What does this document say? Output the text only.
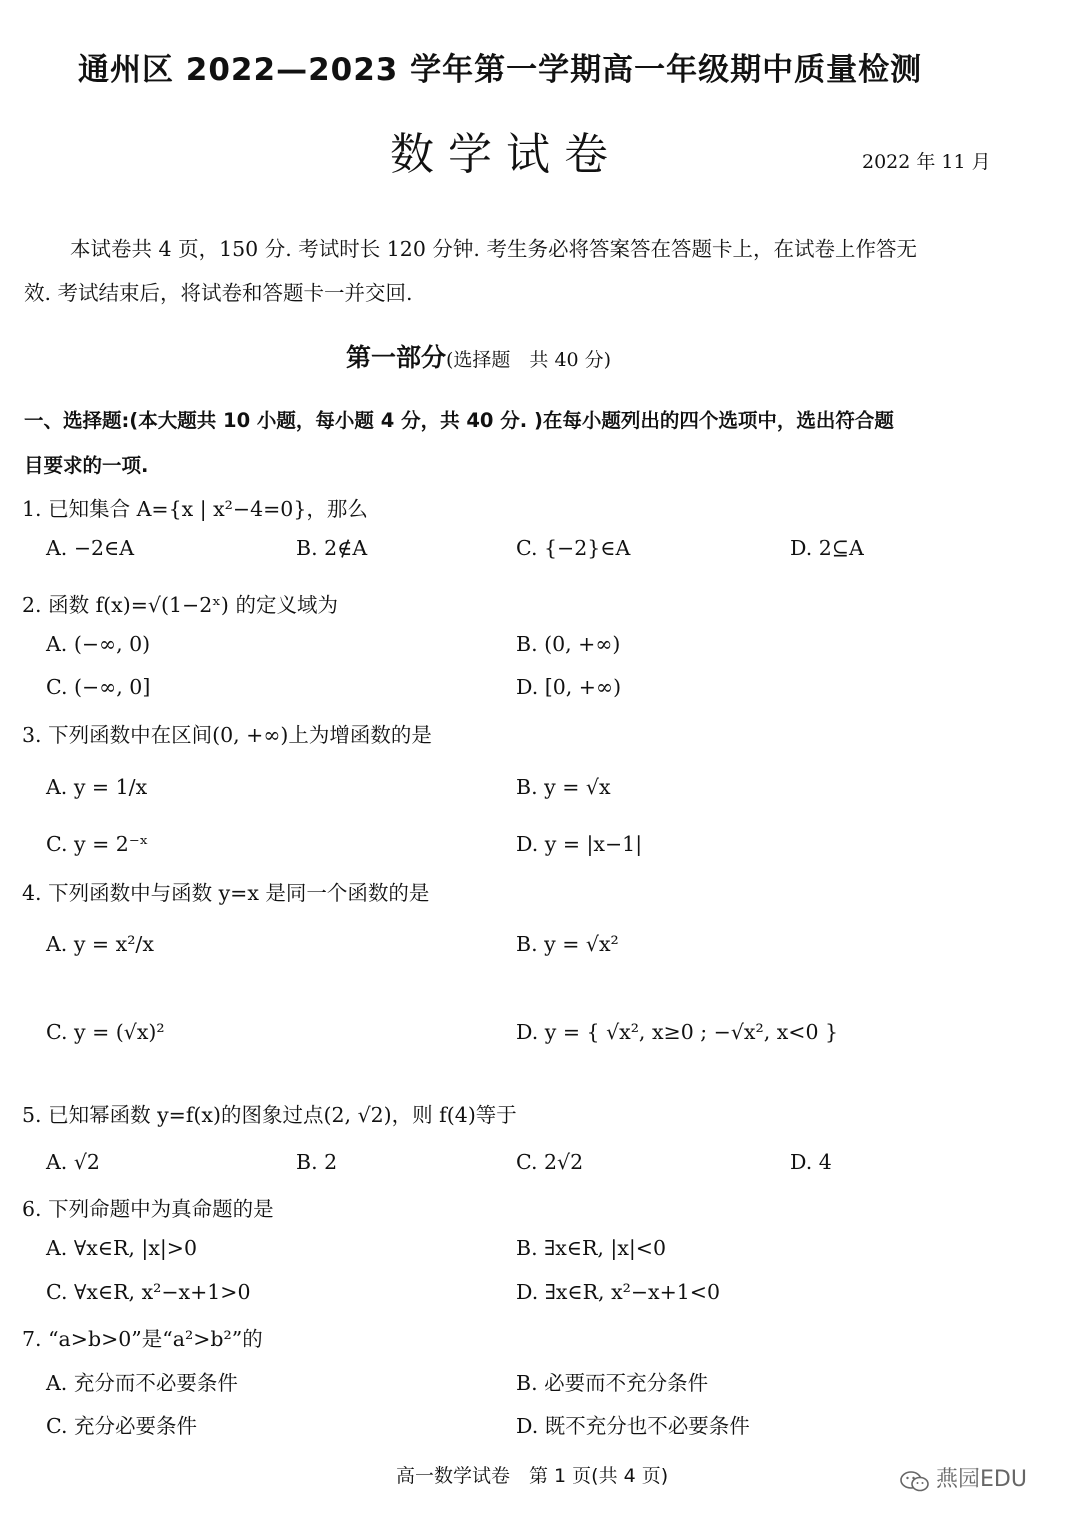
通州区 2022—2023 学年第一学期高一年级期中质量检测
数学试卷	2022 年 11 月
本试卷共 4 页，150 分. 考试时长 120 分钟. 考生务必将答案答在答题卡上，在试卷上作答无
效. 考试结束后，将试卷和答题卡一并交回.
第一部分(选择题　共 40 分)
一、选择题:(本大题共 10 小题，每小题 4 分，共 40 分. )在每小题列出的四个选项中，选出符合题
目要求的一项.
1. 已知集合 A={x | x²−4=0}，那么
A. −2∈A	B. 2∉A	C. {−2}∈A	D. 2⊆A
2. 函数 f(x)=√(1−2ˣ) 的定义域为
A. (−∞, 0)	B. (0, +∞)
C. (−∞, 0]	D. [0, +∞)
3. 下列函数中在区间(0, +∞)上为增函数的是
A. y = 1/x	B. y = √x
C. y = 2⁻ˣ	D. y = |x−1|
4. 下列函数中与函数 y=x 是同一个函数的是
A. y = x²/x	B. y = √x²
C. y = (√x)²	D. y = { √x², x≥0 ; −√x², x<0 }
5. 已知幂函数 y=f(x)的图象过点(2, √2)，则 f(4)等于
A. √2	B. 2	C. 2√2	D. 4
6. 下列命题中为真命题的是
A. ∀x∈R, |x|>0	B. ∃x∈R, |x|<0
C. ∀x∈R, x²−x+1>0	D. ∃x∈R, x²−x+1<0
7. “a>b>0”是“a²>b²”的
A. 充分而不必要条件	B. 必要而不充分条件
C. 充分必要条件	D. 既不充分也不必要条件
高一数学试卷　第 1 页(共 4 页)	燕园EDU
